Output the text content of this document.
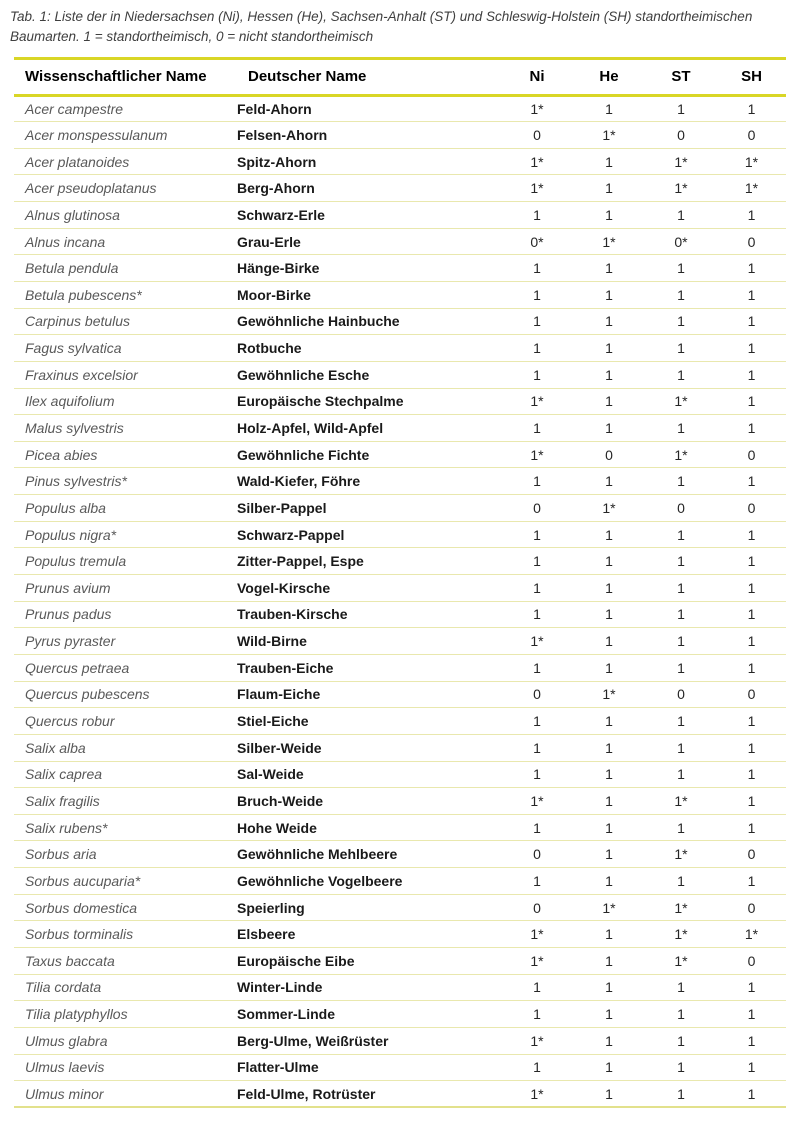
Tab. 1: Liste der in Niedersachsen (Ni), Hessen (He), Sachsen-Anhalt (ST) und Schleswig-Holstein (SH) standortheimischen Baumarten. 1 = standortheimisch, 0 = nicht standortheimisch

Wissenschaftlicher Name	Deutscher Name	Ni	He	ST	SH
Acer campestre	Feld-Ahorn	1*	1	1	1
Acer monspessulanum	Felsen-Ahorn	0	1*	0	0
Acer platanoides	Spitz-Ahorn	1*	1	1*	1*
Acer pseudoplatanus	Berg-Ahorn	1*	1	1*	1*
Alnus glutinosa	Schwarz-Erle	1	1	1	1
Alnus incana	Grau-Erle	0*	1*	0*	0
Betula pendula	Hänge-Birke	1	1	1	1
Betula pubescens*	Moor-Birke	1	1	1	1
Carpinus betulus	Gewöhnliche Hainbuche	1	1	1	1
Fagus sylvatica	Rotbuche	1	1	1	1
Fraxinus excelsior	Gewöhnliche Esche	1	1	1	1
Ilex aquifolium	Europäische Stechpalme	1*	1	1*	1
Malus sylvestris	Holz-Apfel, Wild-Apfel	1	1	1	1
Picea abies	Gewöhnliche Fichte	1*	0	1*	0
Pinus sylvestris*	Wald-Kiefer, Föhre	1	1	1	1
Populus alba	Silber-Pappel	0	1*	0	0
Populus nigra*	Schwarz-Pappel	1	1	1	1
Populus tremula	Zitter-Pappel, Espe	1	1	1	1
Prunus avium	Vogel-Kirsche	1	1	1	1
Prunus padus	Trauben-Kirsche	1	1	1	1
Pyrus pyraster	Wild-Birne	1*	1	1	1
Quercus petraea	Trauben-Eiche	1	1	1	1
Quercus pubescens	Flaum-Eiche	0	1*	0	0
Quercus robur	Stiel-Eiche	1	1	1	1
Salix alba	Silber-Weide	1	1	1	1
Salix caprea	Sal-Weide	1	1	1	1
Salix fragilis	Bruch-Weide	1*	1	1*	1
Salix rubens*	Hohe Weide	1	1	1	1
Sorbus aria	Gewöhnliche Mehlbeere	0	1	1*	0
Sorbus aucuparia*	Gewöhnliche Vogelbeere	1	1	1	1
Sorbus domestica	Speierling	0	1*	1*	0
Sorbus torminalis	Elsbeere	1*	1	1*	1*
Taxus baccata	Europäische Eibe	1*	1	1*	0
Tilia cordata	Winter-Linde	1	1	1	1
Tilia platyphyllos	Sommer-Linde	1	1	1	1
Ulmus glabra	Berg-Ulme, Weißrüster	1*	1	1	1
Ulmus laevis	Flatter-Ulme	1	1	1	1
Ulmus minor	Feld-Ulme, Rotrüster	1*	1	1	1
